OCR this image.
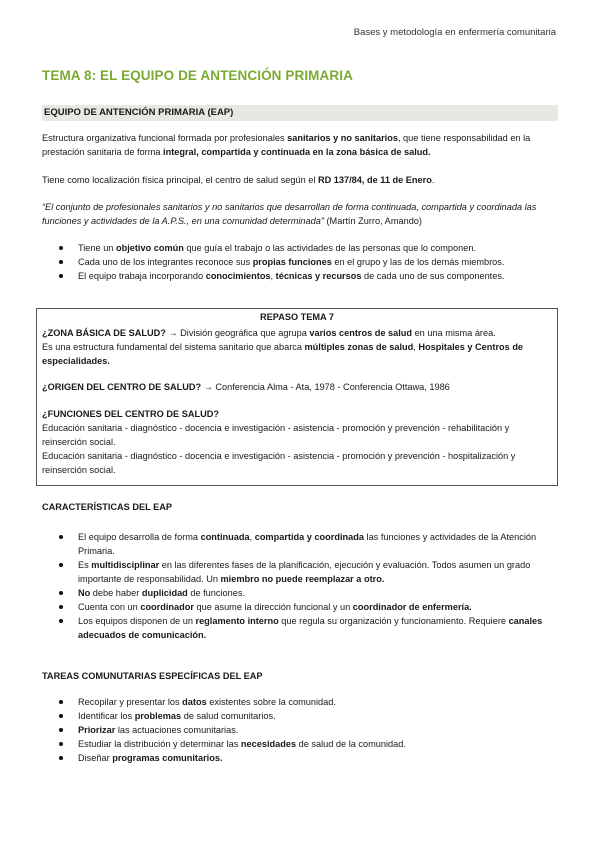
Bases y metodología en enfermería comunitaria
TEMA 8: EL EQUIPO DE ANTENCIÓN PRIMARIA
EQUIPO DE ANTENCIÓN PRIMARIA (EAP)
Estructura organizativa funcional formada por profesionales sanitarios y no sanitarios, que tiene responsabilidad en la prestación sanitaria de forma integral, compartida y continuada en la zona básica de salud.
Tiene como localización física principal, el centro de salud según el RD 137/84, de 11 de Enero.
“El conjunto de profesionales sanitarios y no sanitarios que desarrollan de forma continuada, compartida y coordinada las funciones y actividades de la A.P.S., en una comunidad determinada” (Martín Zurro, Amando)
Tiene un objetivo común que guía el trabajo o las actividades de las personas que lo componen.
Cada uno de los integrantes reconoce sus propias funciones en el grupo y las de los demás miembros.
El equipo trabaja incorporando conocimientos, técnicas y recursos de cada uno de sus componentes.
REPASO TEMA 7
¿ZONA BÁSICA DE SALUD? → División geográfica que agrupa varios centros de salud en una misma área.
Es una estructura fundamental del sistema sanitario que abarca múltiples zonas de salud, Hospitales y Centros de especialidades.
¿ORIGEN DEL CENTRO DE SALUD? → Conferencia Alma - Ata, 1978 - Conferencia Ottawa, 1986
¿FUNCIONES DEL CENTRO DE SALUD?
Educación sanitaria - diagnóstico - docencia e investigación - asistencia - promoción y prevención - rehabilitación y reinserción social.
Educación sanitaria - diagnóstico - docencia e investigación - asistencia - promoción y prevención - hospitalización y reinserción social.
CARACTERÍSTICAS DEL EAP
El equipo desarrolla de forma continuada, compartida y coordinada las funciones y actividades de la Atención Primaria.
Es multidisciplinar en las diferentes fases de la planificación, ejecución y evaluación. Todos asumen un grado importante de responsabilidad. Un miembro no puede reemplazar a otro.
No debe haber duplicidad de funciones.
Cuenta con un coordinador que asume la dirección funcional y un coordinador de enfermería.
Los equipos disponen de un reglamento interno que regula su organización y funcionamiento. Requiere canales adecuados de comunicación.
TAREAS COMUNUTARIAS ESPECÍFICAS DEL EAP
Recopilar y presentar los datos existentes sobre la comunidad.
Identificar los problemas de salud comunitarios.
Priorizar las actuaciones comunitarias.
Estudiar la distribución y determinar las necesidades de salud de la comunidad.
Diseñar programas comunitarios.
